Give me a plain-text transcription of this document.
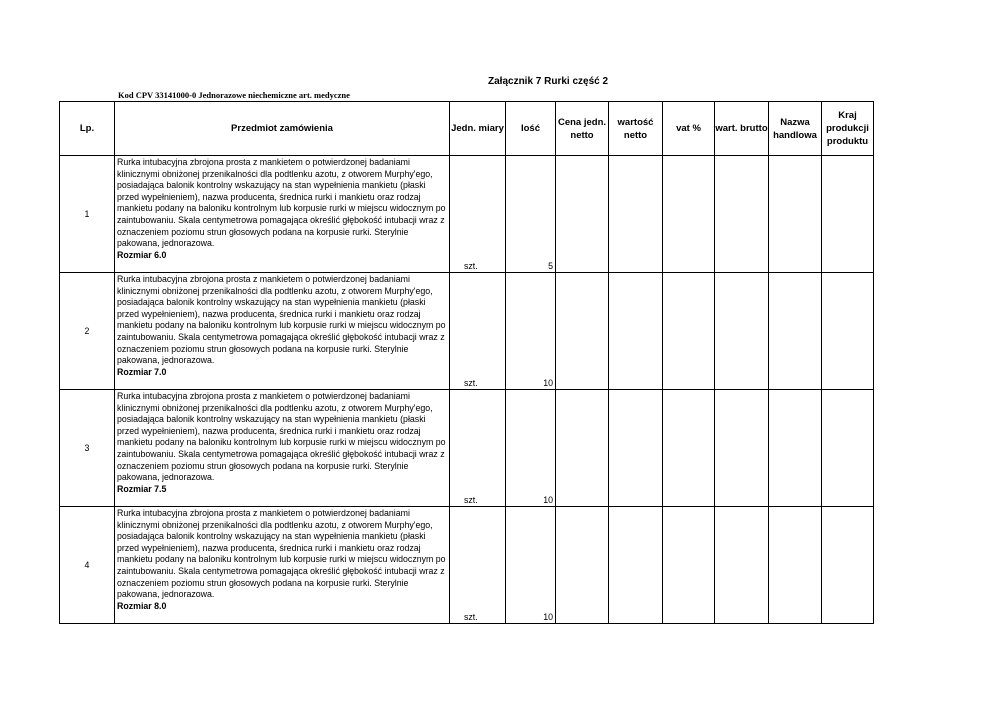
Załącznik 7 Rurki część 2
Kod CPV 33141000-0 Jednorazowe niechemiczne art. medyczne
Lp.	Przedmiot zamówienia	Jedn. miary	Iość	Cena jedn. netto	wartość netto	vat %	wart. brutto	Nazwa handlowa	Kraj produkcji produktu
1	Rurka intubacyjna zbrojona prosta z mankietem o potwierdzonej badaniami klinicznymi obniżonej przenikalności dla podtlenku azotu, z otworem Murphy'ego, posiadająca balonik kontrolny wskazujący na stan wypełnienia mankietu (płaski przed wypełnieniem), nazwa producenta, średnica rurki i mankietu oraz rodzaj mankietu podany na baloniku kontrolnym lub korpusie rurki w miejscu widocznym po zaintubowaniu. Skala centymetrowa pomagająca określić głębokość intubacji wraz z oznaczeniem poziomu strun głosowych podana na korpusie rurki. Sterylnie pakowana, jednorazowa.
Rozmiar 6.0	szt.	5						
2	Rurka intubacyjna zbrojona prosta z mankietem o potwierdzonej badaniami klinicznymi obniżonej przenikalności dla podtlenku azotu, z otworem Murphy'ego, posiadająca balonik kontrolny wskazujący na stan wypełnienia mankietu (płaski przed wypełnieniem), nazwa producenta, średnica rurki i mankietu oraz rodzaj mankietu podany na baloniku kontrolnym lub korpusie rurki w miejscu widocznym po zaintubowaniu. Skala centymetrowa pomagająca określić głębokość intubacji wraz z oznaczeniem poziomu strun głosowych podana na korpusie rurki. Sterylnie pakowana, jednorazowa.
Rozmiar 7.0	szt.	10						
3	Rurka intubacyjna zbrojona prosta z mankietem o potwierdzonej badaniami klinicznymi obniżonej przenikalności dla podtlenku azotu, z otworem Murphy'ego, posiadająca balonik kontrolny wskazujący na stan wypełnienia mankietu (płaski przed wypełnieniem), nazwa producenta, średnica rurki i mankietu oraz rodzaj mankietu podany na baloniku kontrolnym lub korpusie rurki w miejscu widocznym po zaintubowaniu. Skala centymetrowa pomagająca określić głębokość intubacji wraz z oznaczeniem poziomu strun głosowych podana na korpusie rurki. Sterylnie pakowana, jednorazowa.
Rozmiar 7.5	szt.	10						
4	Rurka intubacyjna zbrojona prosta z mankietem o potwierdzonej badaniami klinicznymi obniżonej przenikalności dla podtlenku azotu, z otworem Murphy'ego, posiadająca balonik kontrolny wskazujący na stan wypełnienia mankietu (płaski przed wypełnieniem), nazwa producenta, średnica rurki i mankietu oraz rodzaj mankietu podany na baloniku kontrolnym lub korpusie rurki w miejscu widocznym po zaintubowaniu. Skala centymetrowa pomagająca określić głębokość intubacji wraz z oznaczeniem poziomu strun głosowych podana na korpusie rurki. Sterylnie pakowana, jednorazowa.
Rozmiar 8.0	szt.	10						
